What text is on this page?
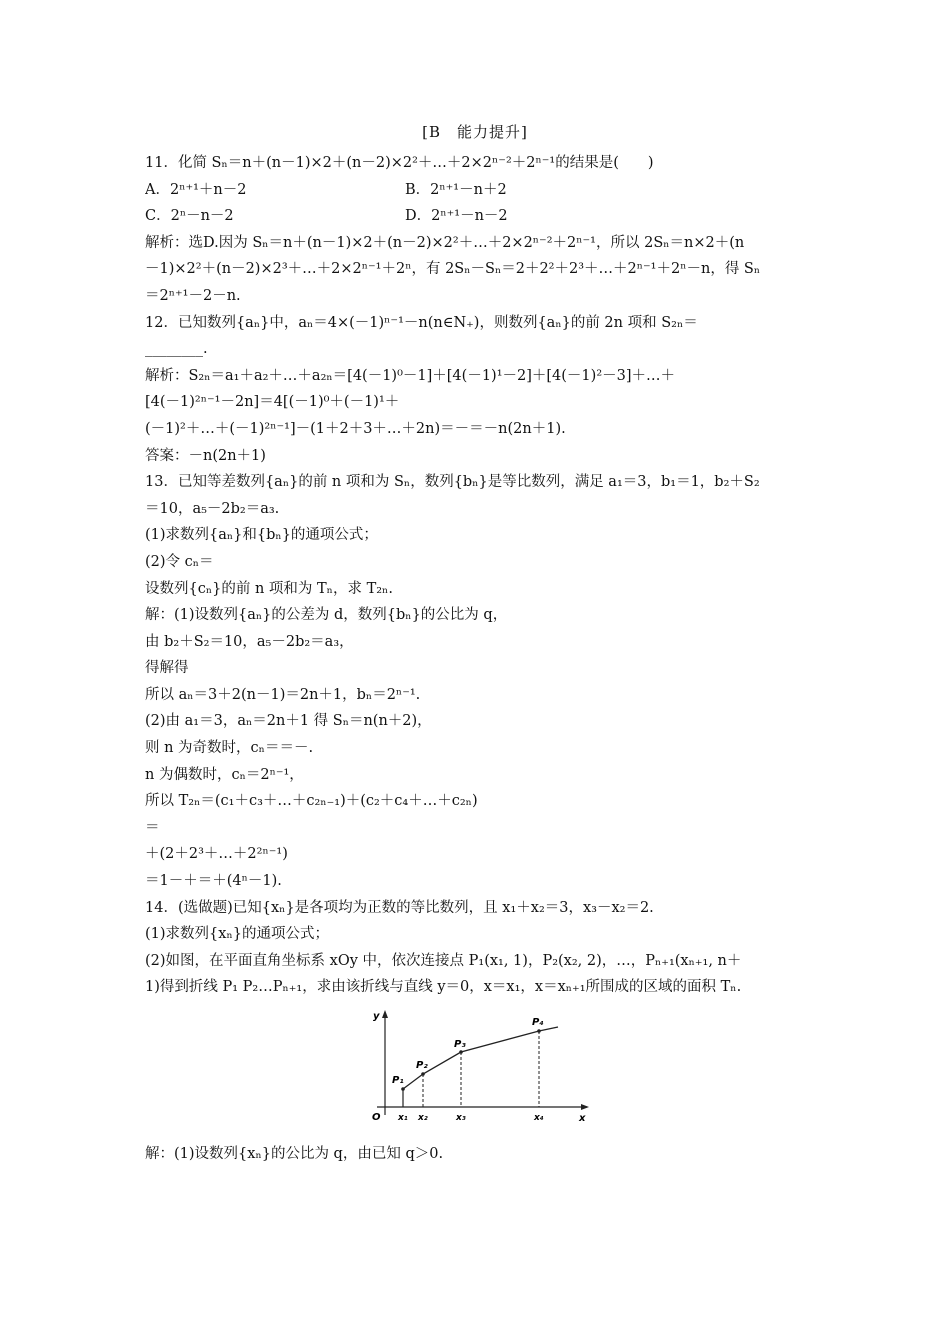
[B　能力提升]
11．化简 Sₙ＝n＋(n－1)×2＋(n－2)×2²＋…＋2×2ⁿ⁻²＋2ⁿ⁻¹的结果是(　　)
A．2ⁿ⁺¹＋n－2	B．2ⁿ⁺¹－n＋2
C．2ⁿ－n－2	D．2ⁿ⁺¹－n－2
解析：选D.因为 Sₙ＝n＋(n－1)×2＋(n－2)×2²＋…＋2×2ⁿ⁻²＋2ⁿ⁻¹，所以 2Sₙ＝n×2＋(n
－1)×2²＋(n－2)×2³＋…＋2×2ⁿ⁻¹＋2ⁿ，有 2Sₙ－Sₙ＝2＋2²＋2³＋…＋2ⁿ⁻¹＋2ⁿ－n，得 Sₙ
＝2ⁿ⁺¹－2－n.
12．已知数列{aₙ}中，aₙ＝4×(－1)ⁿ⁻¹－n(n∈N₊)，则数列{aₙ}的前 2n 项和 S₂ₙ＝
________.
解析：S₂ₙ＝a₁＋a₂＋…＋a₂ₙ＝[4(－1)⁰－1]＋[4(－1)¹－2]＋[4(－1)²－3]＋…＋
[4(－1)²ⁿ⁻¹－2n]＝4[(－1)⁰＋(－1)¹＋
(－1)²＋…＋(－1)²ⁿ⁻¹]－(1＋2＋3＋…＋2n)＝－＝－n(2n＋1).
答案：－n(2n＋1)
13．已知等差数列{aₙ}的前 n 项和为 Sₙ，数列{bₙ}是等比数列，满足 a₁＝3，b₁＝1，b₂＋S₂
＝10，a₅－2b₂＝a₃.
(1)求数列{aₙ}和{bₙ}的通项公式；
(2)令 cₙ＝
设数列{cₙ}的前 n 项和为 Tₙ，求 T₂ₙ.
解：(1)设数列{aₙ}的公差为 d，数列{bₙ}的公比为 q，
由 b₂＋S₂＝10，a₅－2b₂＝a₃，
得解得
所以 aₙ＝3＋2(n－1)＝2n＋1，bₙ＝2ⁿ⁻¹.
(2)由 a₁＝3，aₙ＝2n＋1 得 Sₙ＝n(n＋2)，
则 n 为奇数时，cₙ＝＝－.
n 为偶数时，cₙ＝2ⁿ⁻¹，
所以 T₂ₙ＝(c₁＋c₃＋…＋c₂ₙ₋₁)＋(c₂＋c₄＋…＋c₂ₙ)
＝
＋(2＋2³＋…＋2²ⁿ⁻¹)
＝1－＋＝＋(4ⁿ－1).
14．(选做题)已知{xₙ}是各项均为正数的等比数列，且 x₁＋x₂＝3，x₃－x₂＝2.
(1)求数列{xₙ}的通项公式；
(2)如图，在平面直角坐标系 xOy 中，依次连接点 P₁(x₁, 1)，P₂(x₂, 2)，…，Pₙ₊₁(xₙ₊₁, n＋
1)得到折线 P₁ P₂…Pₙ₊₁，求由该折线与直线 y＝0，x＝x₁，x＝xₙ₊₁所围成的区域的面积 Tₙ.
y
x
O
P₁
P₂
P₃
P₄
x₁ x₂	x₃	x₄
解：(1)设数列{xₙ}的公比为 q，由已知 q＞0.
